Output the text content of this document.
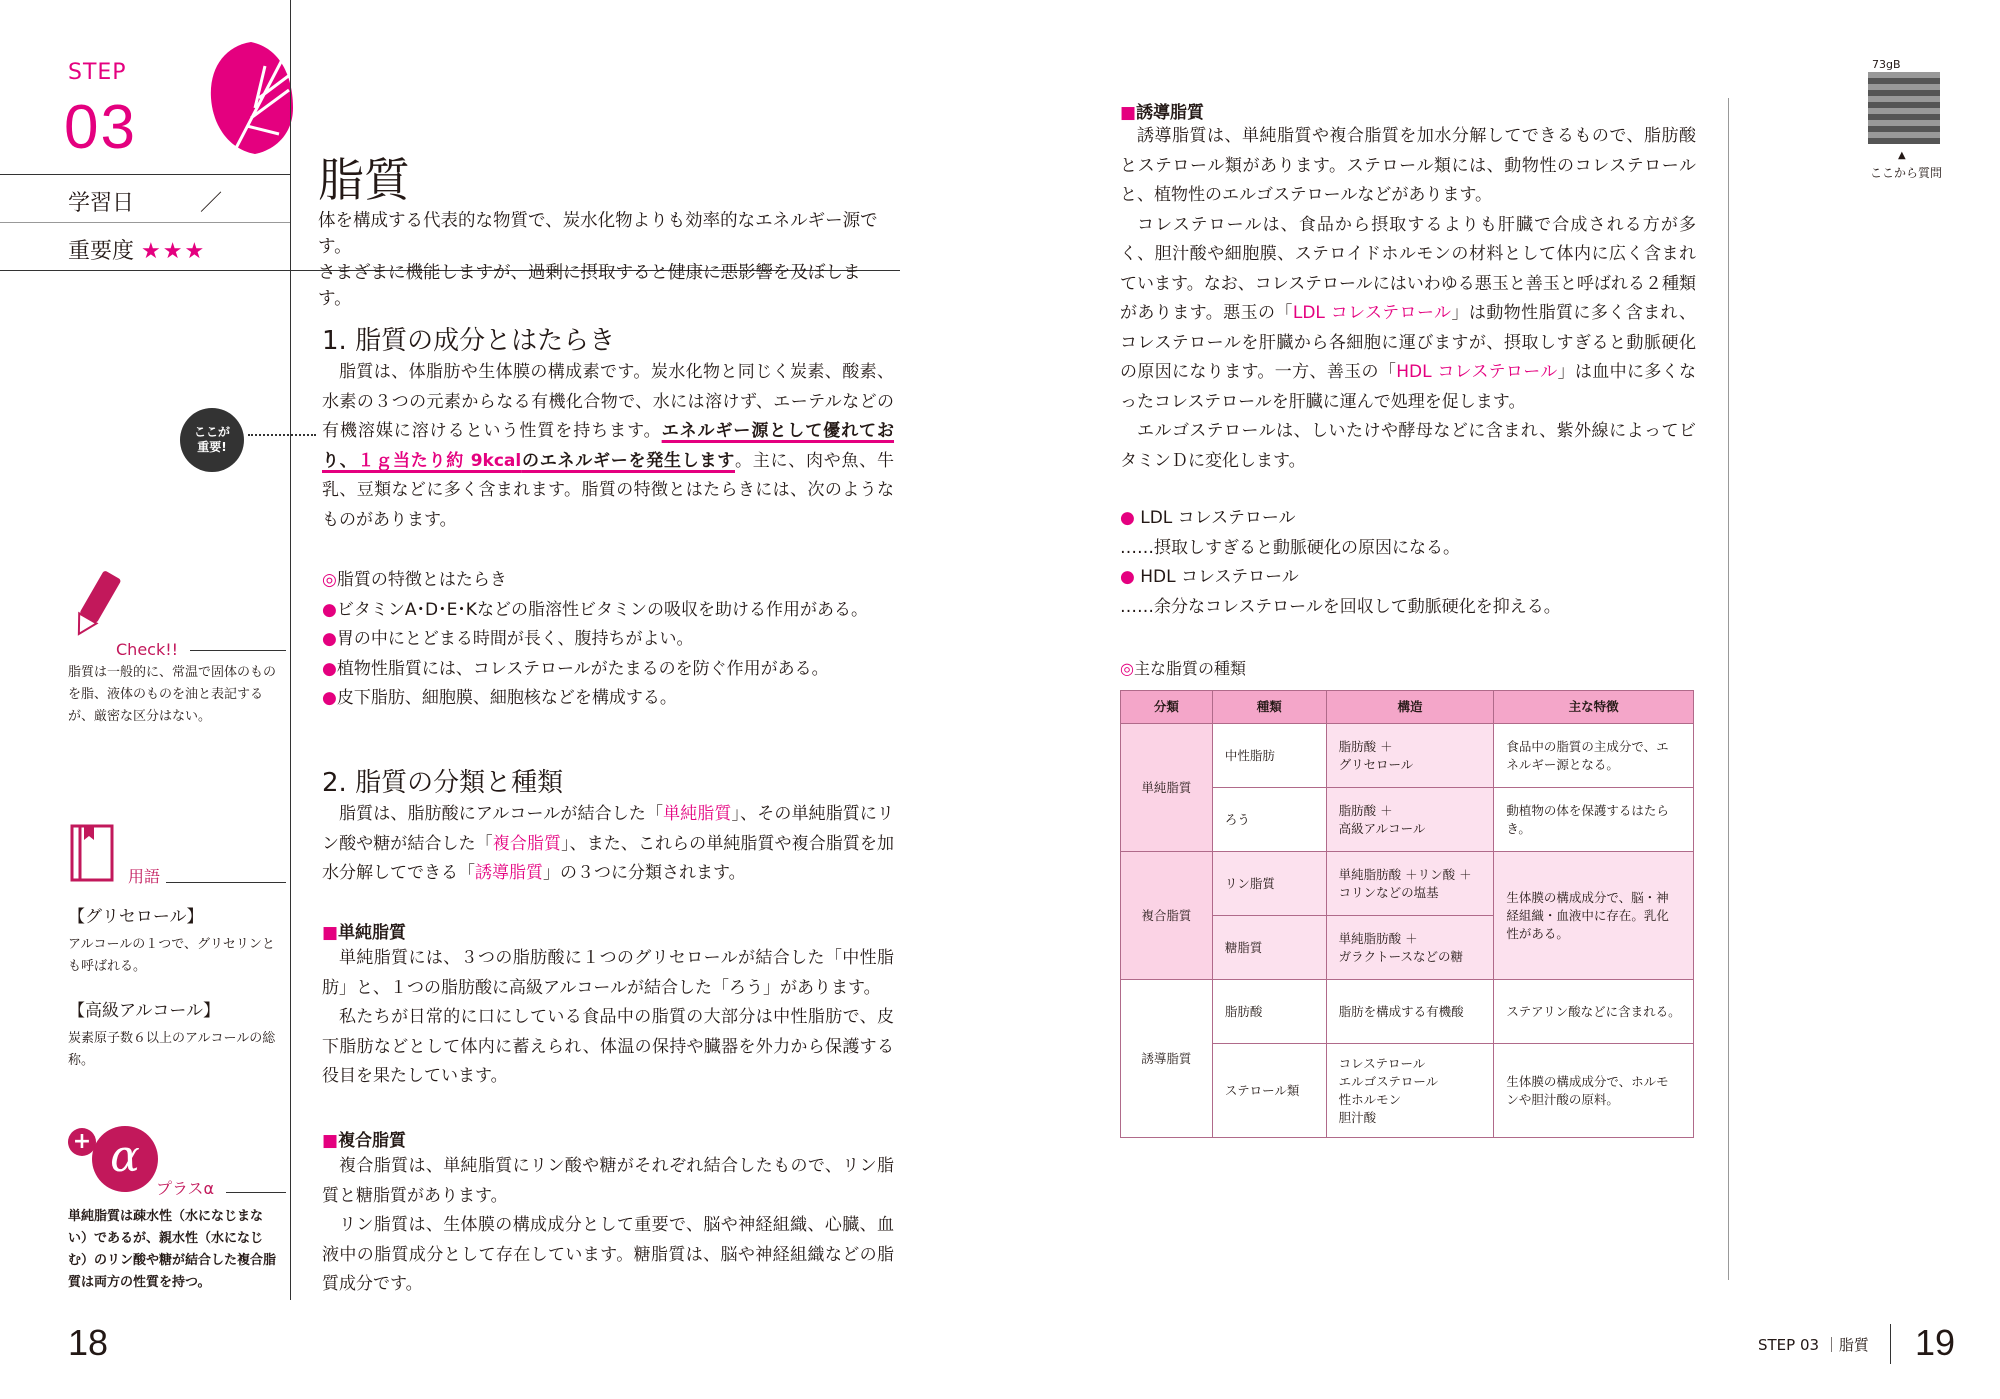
STEP
03
学習日　　　／
重要度 ★★★
脂質
体を構成する代表的な物質で、炭水化物よりも効率的なエネルギー源です。
さまざまに機能しますが、過剰に摂取すると健康に悪影響を及ぼします。
1. 脂質の成分とはたらき

脂質は、体脂肪や生体膜の構成素です。炭水化物と同じく炭素、酸素、水素の３つの元素からなる有機化合物で、水には溶けず、エーテルなどの有機溶媒に溶けるという性質を持ちます。エネルギー源として優れており、１ｇ当たり約 9kcalのエネルギーを発生します。主に、肉や魚、牛乳、豆類などに多く含まれます。脂質の特徴とはたらきには、次のようなものがあります。

ここが重要!
◎脂質の特徴とはたらき
●ビタミンA･D･E･Kなどの脂溶性ビタミンの吸収を助ける作用がある。
●胃の中にとどまる時間が長く、腹持ちがよい。
●植物性脂質には、コレステロールがたまるのを防ぐ作用がある。
●皮下脂肪、細胞膜、細胞核などを構成する。
Check!!
脂質は一般的に、常温で固体のものを脂、液体のものを油と表記するが、厳密な区分はない。
2. 脂質の分類と種類

脂質は、脂肪酸にアルコールが結合した「単純脂質」、その単純脂質にリン酸や糖が結合した「複合脂質」、また、これらの単純脂質や複合脂質を加水分解してできる「誘導脂質」の３つに分類されます。

■単純脂質

単純脂質には、３つの脂肪酸に１つのグリセロールが結合した「中性脂肪」と、１つの脂肪酸に高級アルコールが結合した「ろう」があります。

私たちが日常的に口にしている食品中の脂質の大部分は中性脂肪で、皮下脂肪などとして体内に蓄えられ、体温の保持や臓器を外力から保護する役目を果たしています。

■複合脂質

複合脂質は、単純脂質にリン酸や糖がそれぞれ結合したもので、リン脂質と糖脂質があります。

リン脂質は、生体膜の構成成分として重要で、脳や神経組織、心臓、血液中の脂質成分として存在しています。糖脂質は、脳や神経組織などの脂質成分です。

用語
【グリセロール】
アルコールの１つで、グリセリンとも呼ばれる。
【高級アルコール】
炭素原子数６以上のアルコールの総称。
+ α
プラスα
単純脂質は疎水性（水になじまない）であるが、親水性（水になじむ）のリン酸や糖が結合した複合脂質は両方の性質を持つ。
18
■誘導脂質

誘導脂質は、単純脂質や複合脂質を加水分解してできるもので、脂肪酸とステロール類があります。ステロール類には、動物性のコレステロールと、植物性のエルゴステロールなどがあります。

コレステロールは、食品から摂取するよりも肝臓で合成される方が多く、胆汁酸や細胞膜、ステロイドホルモンの材料として体内に広く含まれています。なお、コレステロールにはいわゆる悪玉と善玉と呼ばれる２種類があります。悪玉の「LDL コレステロール」は動物性脂質に多く含まれ、コレステロールを肝臓から各細胞に運びますが、摂取しすぎると動脈硬化の原因になります。一方、善玉の「HDL コレステロール」は血中に多くなったコレステロールを肝臓に運んで処理を促します。

エルゴステロールは、しいたけや酵母などに含まれ、紫外線によってビタミンＤに変化します。

● LDL コレステロール
……摂取しすぎると動脈硬化の原因になる。
● HDL コレステロール
……余分なコレステロールを回収して動脈硬化を抑える。
◎主な脂質の種類
分類	種類	構造	主な特徴
単純脂質	中性脂肪	脂肪酸 ＋
グリセロール	食品中の脂質の主成分で、エネルギー源となる。
	ろう	脂肪酸 ＋
高級アルコール	動植物の体を保護するはたらき。
複合脂質	リン脂質	単純脂肪酸 ＋リン酸 ＋
コリンなどの塩基	生体膜の構成成分で、脳・神経組織・血液中に存在。乳化性がある。
	糖脂質	単純脂肪酸 ＋
ガラクトースなどの糖	
誘導脂質	脂肪酸	脂肪を構成する有機酸	ステアリン酸などに含まれる。
	ステロール類	コレステロール
エルゴステロール
性ホルモン
胆汁酸	生体膜の構成成分で、ホルモンや胆汁酸の原料。
73gB
▲
ここから質問
STEP 03 ｜脂質 19
